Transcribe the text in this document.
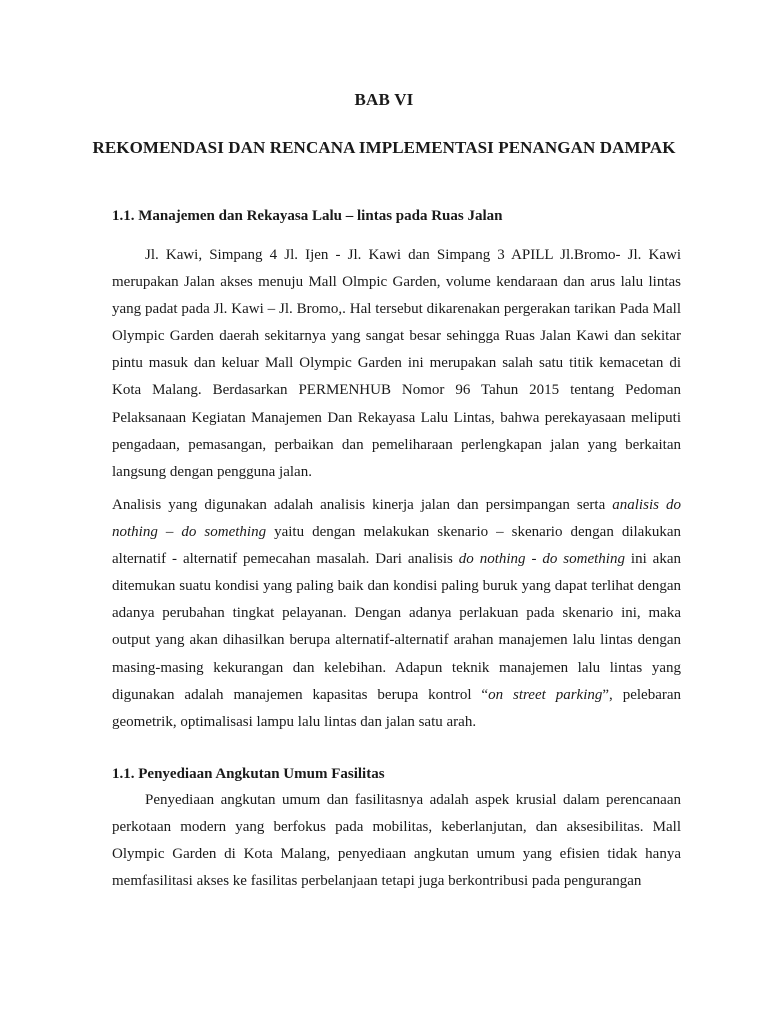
BAB VI
REKOMENDASI DAN RENCANA IMPLEMENTASI PENANGAN DAMPAK
1.1. Manajemen dan Rekayasa Lalu – lintas pada Ruas Jalan

Jl. Kawi, Simpang 4 Jl. Ijen - Jl. Kawi dan Simpang 3 APILL Jl.Bromo- Jl. Kawi merupakan Jalan akses menuju Mall Olmpic Garden, volume kendaraan dan arus lalu lintas yang padat pada Jl. Kawi – Jl. Bromo,. Hal tersebut dikarenakan pergerakan tarikan Pada Mall Olympic Garden daerah sekitarnya yang sangat besar sehingga Ruas Jalan Kawi dan sekitar pintu masuk dan keluar Mall Olympic Garden ini merupakan salah satu titik kemacetan di Kota Malang. Berdasarkan PERMENHUB Nomor 96 Tahun 2015 tentang Pedoman Pelaksanaan Kegiatan Manajemen Dan Rekayasa Lalu Lintas, bahwa perekayasaan meliputi pengadaan, pemasangan, perbaikan dan pemeliharaan perlengkapan jalan yang berkaitan langsung dengan pengguna jalan.

Analisis yang digunakan adalah analisis kinerja jalan dan persimpangan serta analisis do nothing – do something yaitu dengan melakukan skenario – skenario dengan dilakukan alternatif - alternatif pemecahan masalah. Dari analisis do nothing - do something ini akan ditemukan suatu kondisi yang paling baik dan kondisi paling buruk yang dapat terlihat dengan adanya perubahan tingkat pelayanan. Dengan adanya perlakuan pada skenario ini, maka output yang akan dihasilkan berupa alternatif-alternatif arahan manajemen lalu lintas dengan masing-masing kekurangan dan kelebihan. Adapun teknik manajemen lalu lintas yang digunakan adalah manajemen kapasitas berupa kontrol “on street parking”, pelebaran geometrik, optimalisasi lampu lalu lintas dan jalan satu arah.

1.1. Penyediaan Angkutan Umum Fasilitas

Penyediaan angkutan umum dan fasilitasnya adalah aspek krusial dalam perencanaan perkotaan modern yang berfokus pada mobilitas, keberlanjutan, dan aksesibilitas. Mall Olympic Garden di Kota Malang, penyediaan angkutan umum yang efisien tidak hanya memfasilitasi akses ke fasilitas perbelanjaan tetapi juga berkontribusi pada pengurangan
